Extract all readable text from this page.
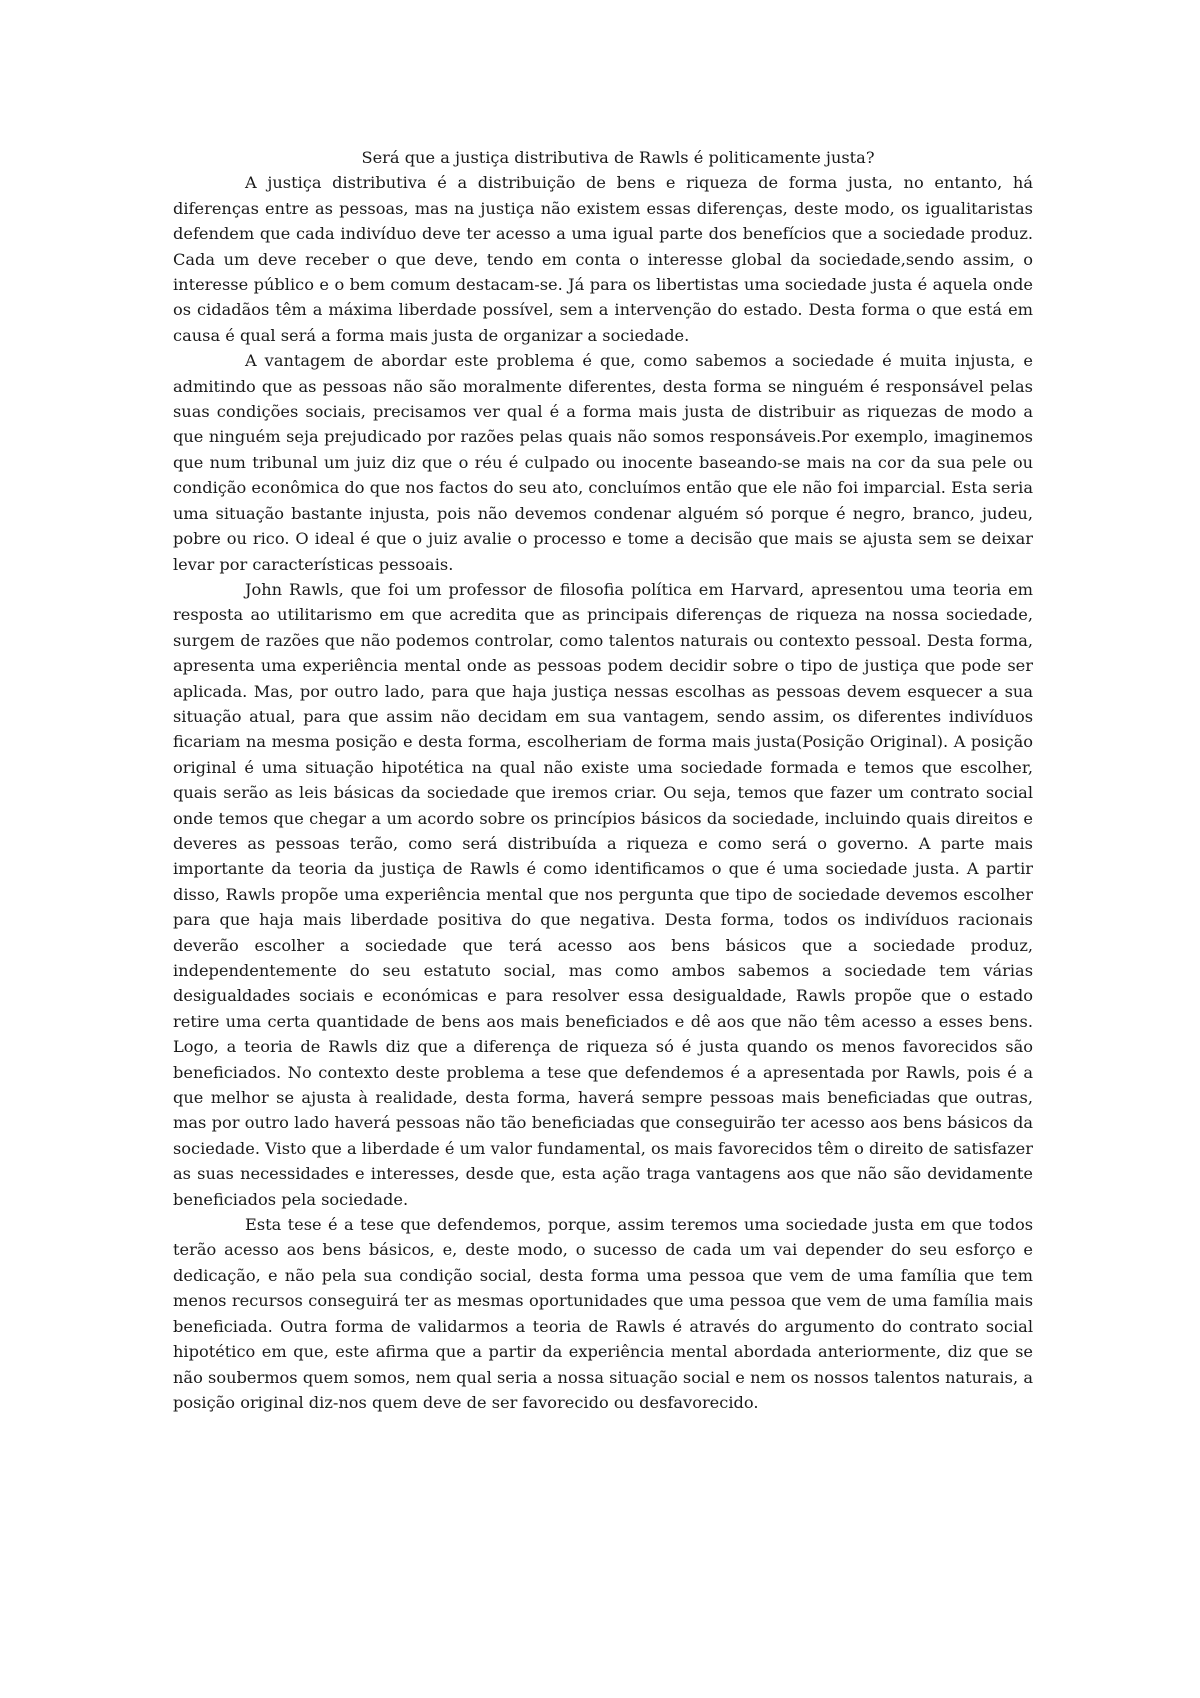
Será que a justiça distributiva de Rawls é politicamente justa?

A justiça distributiva é a distribuição de bens e riqueza de forma justa, no entanto, há diferenças entre as pessoas, mas na justiça não existem essas diferenças, deste modo, os igualitaristas defendem que cada indivíduo deve ter acesso a uma igual parte dos benefícios que a sociedade produz. Cada um deve receber o que deve, tendo em conta o interesse global da sociedade,sendo assim, o interesse público e o bem comum destacam-se. Já para os libertistas uma sociedade justa é aquela onde os cidadãos têm a máxima liberdade possível, sem a intervenção do estado. Desta forma o que está em causa é qual será a forma mais justa de organizar a sociedade.

A vantagem de abordar este problema é que, como sabemos a sociedade é muita injusta, e admitindo que as pessoas não são moralmente diferentes, desta forma se ninguém é responsável pelas suas condições sociais, precisamos ver qual é a forma mais justa de distribuir as riquezas de modo a que ninguém seja prejudicado por razões pelas quais não somos responsáveis.Por exemplo, imaginemos que num tribunal um juiz diz que o réu é culpado ou inocente baseando-se mais na cor da sua pele ou condição econômica do que nos factos do seu ato, concluímos então que ele não foi imparcial. Esta seria uma situação bastante injusta, pois não devemos condenar alguém só porque é negro, branco, judeu, pobre ou rico. O ideal é que o juiz avalie o processo e tome a decisão que mais se ajusta sem se deixar levar por características pessoais.

John Rawls, que foi um professor de filosofia política em Harvard, apresentou uma teoria em resposta ao utilitarismo em que acredita que as principais diferenças de riqueza na nossa sociedade, surgem de razões que não podemos controlar, como talentos naturais ou contexto pessoal. Desta forma, apresenta uma experiência mental onde as pessoas podem decidir sobre o tipo de justiça que pode ser aplicada. Mas, por outro lado, para que haja justiça nessas escolhas as pessoas devem esquecer a sua situação atual, para que assim não decidam em sua vantagem, sendo assim, os diferentes indivíduos ficariam na mesma posição e desta forma, escolheriam de forma mais justa(Posição Original). A posição original é uma situação hipotética na qual não existe uma sociedade formada e temos que escolher, quais serão as leis básicas da sociedade que iremos criar. Ou seja, temos que fazer um contrato social onde temos que chegar a um acordo sobre os princípios básicos da sociedade, incluindo quais direitos e deveres as pessoas terão, como será distribuída a riqueza e como será o governo. A parte mais importante da teoria da justiça de Rawls é como identificamos o que é uma sociedade justa. A partir disso, Rawls propõe uma experiência mental que nos pergunta que tipo de sociedade devemos escolher para que haja mais liberdade positiva do que negativa. Desta forma, todos os indivíduos racionais deverão escolher a sociedade que terá acesso aos bens básicos que a sociedade produz, independentemente do seu estatuto social, mas como ambos sabemos a sociedade tem várias desigualdades sociais e económicas e para resolver essa desigualdade, Rawls propõe que o estado retire uma certa quantidade de bens aos mais beneficiados e dê aos que não têm acesso a esses bens. Logo, a teoria de Rawls diz que a diferença de riqueza só é justa quando os menos favorecidos são beneficiados. No contexto deste problema a tese que defendemos é a apresentada por Rawls, pois é a que melhor se ajusta à realidade, desta forma, haverá sempre pessoas mais beneficiadas que outras, mas por outro lado haverá pessoas não tão beneficiadas que conseguirão ter acesso aos bens básicos da sociedade. Visto que a liberdade é um valor fundamental, os mais favorecidos têm o direito de satisfazer as suas necessidades e interesses, desde que, esta ação traga vantagens aos que não são devidamente beneficiados pela sociedade.

Esta tese é a tese que defendemos, porque, assim teremos uma sociedade justa em que todos terão acesso aos bens básicos, e, deste modo, o sucesso de cada um vai depender do seu esforço e dedicação, e não pela sua condição social, desta forma uma pessoa que vem de uma família que tem menos recursos conseguirá ter as mesmas oportunidades que uma pessoa que vem de uma família mais beneficiada. Outra forma de validarmos a teoria de Rawls é através do argumento do contrato social hipotético em que, este afirma que a partir da experiência mental abordada anteriormente, diz que se não soubermos quem somos, nem qual seria a nossa situação social e nem os nossos talentos naturais, a posição original diz-nos quem deve de ser favorecido ou desfavorecido.
